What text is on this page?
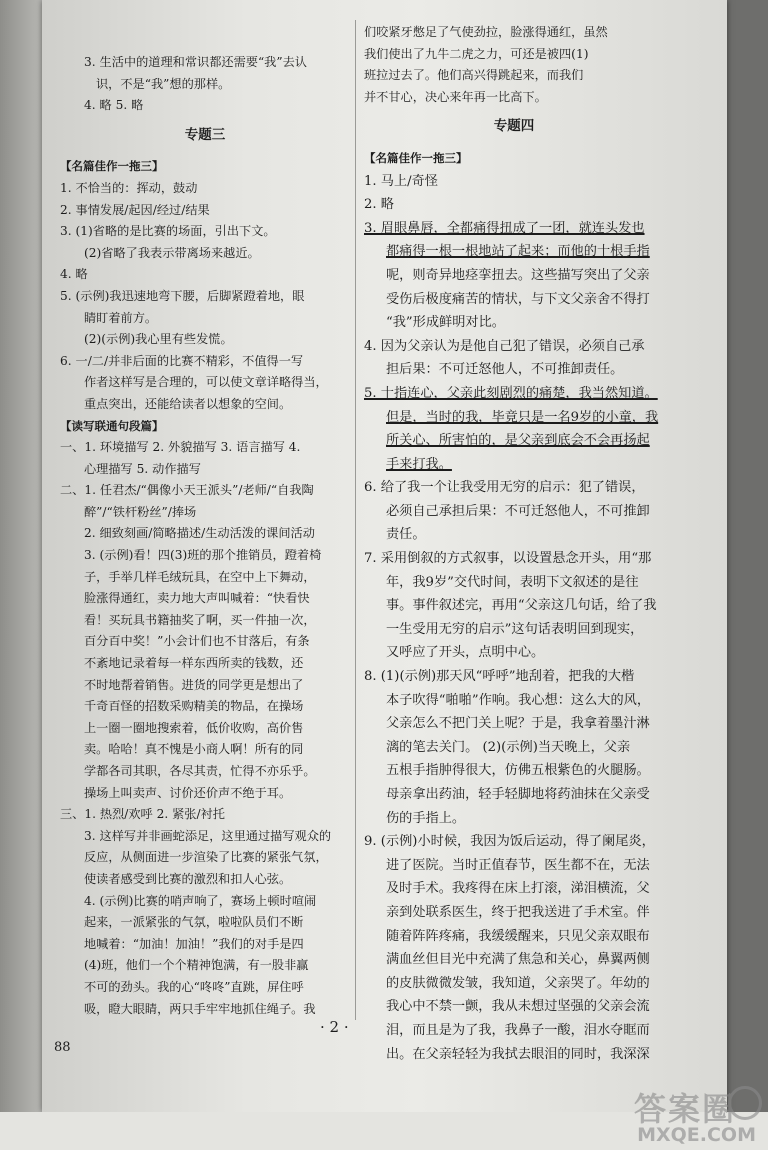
3. 生活中的道理和常识都还需要“我”去认
识，不是“我”想的那样。
4. 略 5. 略
专题三
【名篇佳作一拖三】
1. 不恰当的：挥动，鼓动
2. 事情发展/起因/经过/结果
3. (1)省略的是比赛的场面，引出下文。
(2)省略了我表示带离场来越近。
4. 略
5. (示例)我迅速地弯下腰，后脚紧蹬着地，眼
睛盯着前方。
(2)(示例)我心里有些发慌。
6. 一/二/并非后面的比赛不精彩，不值得一写
作者这样写是合理的，可以使文章详略得当，
重点突出，还能给读者以想象的空间。
【读写联通句段篇】
一、1. 环境描写 2. 外貌描写 3. 语言描写 4.
心理描写 5. 动作描写
二、1. 任君杰/“偶像小天王派头”/老师/“自我陶
醉”/“铁杆粉丝”/捧场
2. 细致刻画/简略描述/生动活泼的课间活动
3. (示例)看！四(3)班的那个推销员，蹬着椅
子，手举几样毛绒玩具，在空中上下舞动，
脸涨得通红，卖力地大声叫喊着：“快看快
看！买玩具书籍抽奖了啊，买一件抽一次，
百分百中奖！”小会计们也不甘落后，有条
不紊地记录着每一样东西所卖的钱数，还
不时地帮着销售。进货的同学更是想出了
千奇百怪的招数采购精美的物品，在操场
上一圈一圈地搜索着，低价收购，高价售
卖。哈哈！真不愧是小商人啊！所有的同
学都各司其职，各尽其责，忙得不亦乐乎。
操场上叫卖声、讨价还价声不绝于耳。
三、1. 热烈/欢呼 2. 紧张/衬托
3. 这样写并非画蛇添足，这里通过描写观众的
反应，从侧面进一步渲染了比赛的紧张气氛，
使读者感受到比赛的激烈和扣人心弦。
4. (示例)比赛的哨声响了，赛场上顿时喧闹
起来，一派紧张的气氛，啦啦队员们不断
地喊着：“加油！加油！”我们的对手是四
(4)班，他们一个个精神饱满，有一股非赢
不可的劲头。我的心“咚咚”直跳，屏住呼
吸，瞪大眼睛，两只手牢牢地抓住绳子。我
们咬紧牙憋足了气使劲拉，脸涨得通红，虽然
我们使出了九牛二虎之力，可还是被四(1)
班拉过去了。他们高兴得跳起来，而我们
并不甘心，决心来年再一比高下。
专题四
【名篇佳作一拖三】
1. 马上/奇怪
2. 略
3. 眉眼鼻唇，全都痛得扭成了一团，就连头发也
都痛得一根一根地站了起来；而他的十根手指
呢，则奇异地痉挛扭去。这些描写突出了父亲
受伤后极度痛苦的情状，与下文父亲舍不得打
“我”形成鲜明对比。
4. 因为父亲认为是他自己犯了错误，必须自己承
担后果：不可迁怒他人，不可推卸责任。
5. 十指连心，父亲此刻剧烈的痛楚，我当然知道。
但是，当时的我，毕竟只是一名9岁的小童，我
所关心、所害怕的，是父亲到底会不会再扬起
手来打我。
6. 给了我一个让我受用无穷的启示：犯了错误，
必须自己承担后果：不可迁怒他人，不可推卸
责任。
7. 采用倒叙的方式叙事，以设置悬念开头，用“那
年，我9岁”交代时间，表明下文叙述的是往
事。事件叙述完，再用“父亲这几句话，给了我
一生受用无穷的启示”这句话表明回到现实，
又呼应了开头，点明中心。
8. (1)(示例)那天风“呼呼”地刮着，把我的大楷
本子吹得“啪啪”作响。我心想：这么大的风，
父亲怎么不把门关上呢？于是，我拿着墨汁淋
漓的笔去关门。 (2)(示例)当天晚上，父亲
五根手指肿得很大，仿佛五根紫色的火腿肠。
母亲拿出药油，轻手轻脚地将药油抹在父亲受
伤的手指上。
9. (示例)小时候，我因为饭后运动，得了阑尾炎，
进了医院。当时正值春节，医生都不在，无法
及时手术。我疼得在床上打滚，涕泪横流，父
亲到处联系医生，终于把我送进了手术室。伴
随着阵阵疼痛，我缓缓醒来，只见父亲双眼布
满血丝但目光中充满了焦急和关心，鼻翼两侧
的皮肤微微发皱，我知道，父亲哭了。年幼的
我心中不禁一颤，我从未想过坚强的父亲会流
泪，而且是为了我，我鼻子一酸，泪水夺眶而
出。在父亲轻轻为我拭去眼泪的同时，我深深
· 2 ·
88
答案圈
MXQE.COM
